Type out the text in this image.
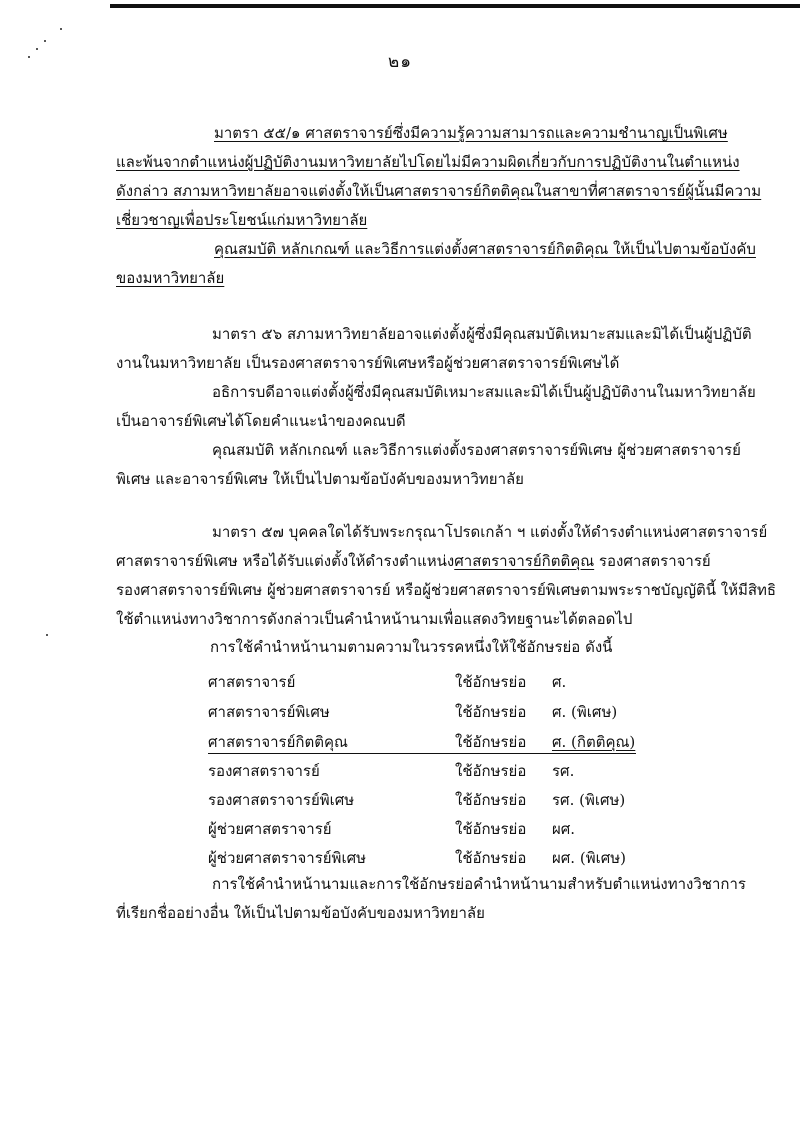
๒๑
มาตรา ๕๕/๑ ศาสตราจารย์ซึ่งมีความรู้ความสามารถและความชำนาญเป็นพิเศษ
และพ้นจากตำแหน่งผู้ปฏิบัติงานมหาวิทยาลัยไปโดยไม่มีความผิดเกี่ยวกับการปฏิบัติงานในตำแหน่ง
ดังกล่าว สภามหาวิทยาลัยอาจแต่งตั้งให้เป็นศาสตราจารย์กิตติคุณในสาขาที่ศาสตราจารย์ผู้นั้นมีความ
เชี่ยวชาญเพื่อประโยชน์แก่มหาวิทยาลัย
คุณสมบัติ หลักเกณฑ์ และวิธีการแต่งตั้งศาสตราจารย์กิตติคุณ ให้เป็นไปตามข้อบังคับ
ของมหาวิทยาลัย
มาตรา ๕๖ สภามหาวิทยาลัยอาจแต่งตั้งผู้ซึ่งมีคุณสมบัติเหมาะสมและมิได้เป็นผู้ปฏิบัติ
งานในมหาวิทยาลัย เป็นรองศาสตราจารย์พิเศษหรือผู้ช่วยศาสตราจารย์พิเศษได้
อธิการบดีอาจแต่งตั้งผู้ซึ่งมีคุณสมบัติเหมาะสมและมิได้เป็นผู้ปฏิบัติงานในมหาวิทยาลัย
เป็นอาจารย์พิเศษได้โดยคำแนะนำของคณบดี
คุณสมบัติ หลักเกณฑ์ และวิธีการแต่งตั้งรองศาสตราจารย์พิเศษ ผู้ช่วยศาสตราจารย์
พิเศษ และอาจารย์พิเศษ ให้เป็นไปตามข้อบังคับของมหาวิทยาลัย
มาตรา ๕๗ บุคคลใดได้รับพระกรุณาโปรดเกล้า ฯ แต่งตั้งให้ดำรงตำแหน่งศาสตราจารย์
ศาสตราจารย์พิเศษ หรือได้รับแต่งตั้งให้ดำรงตำแหน่งศาสตราจารย์กิตติคุณ รองศาสตราจารย์
รองศาสตราจารย์พิเศษ ผู้ช่วยศาสตราจารย์ หรือผู้ช่วยศาสตราจารย์พิเศษตามพระราชบัญญัตินี้ ให้มีสิทธิ
ใช้ตำแหน่งทางวิชาการดังกล่าวเป็นคำนำหน้านามเพื่อแสดงวิทยฐานะได้ตลอดไป
การใช้คำนำหน้านามตามความในวรรคหนึ่งให้ใช้อักษรย่อ ดังนี้
ศาสตราจารย์	ใช้อักษรย่อ ศ.
ศาสตราจารย์พิเศษ	ใช้อักษรย่อ ศ. (พิเศษ)
ศาสตราจารย์กิตติคุณ	ใช้อักษรย่อ ศ. (กิตติคุณ)
รองศาสตราจารย์	ใช้อักษรย่อ รศ.
รองศาสตราจารย์พิเศษ	ใช้อักษรย่อ รศ. (พิเศษ)
ผู้ช่วยศาสตราจารย์	ใช้อักษรย่อ ผศ.
ผู้ช่วยศาสตราจารย์พิเศษ	ใช้อักษรย่อ ผศ. (พิเศษ)
การใช้คำนำหน้านามและการใช้อักษรย่อคำนำหน้านามสำหรับตำแหน่งทางวิชาการ
ที่เรียกชื่ออย่างอื่น ให้เป็นไปตามข้อบังคับของมหาวิทยาลัย
